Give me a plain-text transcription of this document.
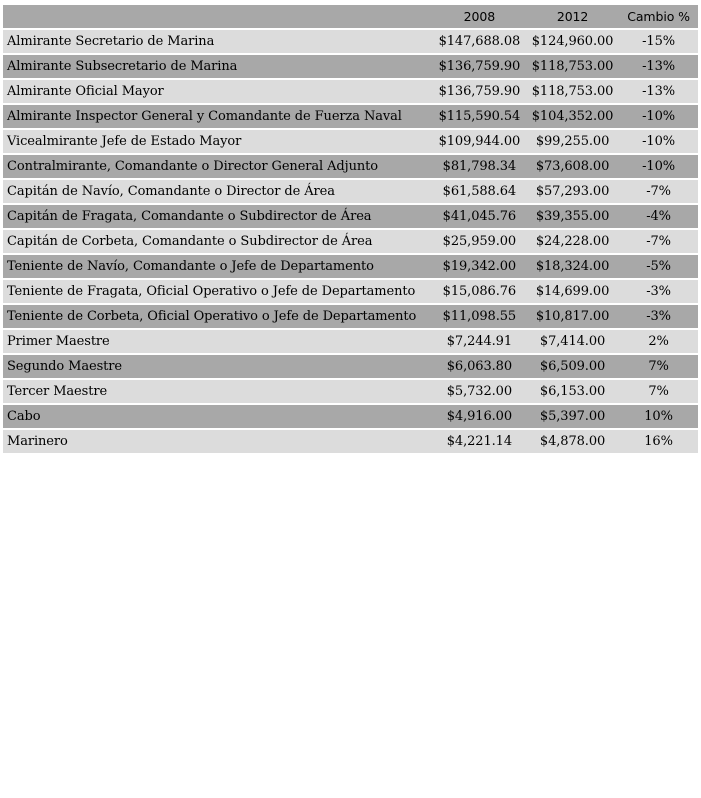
	2008	2012	Cambio %
Almirante Secretario de Marina	$147,688.08	$124,960.00	-15%
Almirante Subsecretario de Marina	$136,759.90	$118,753.00	-13%
Almirante Oficial Mayor	$136,759.90	$118,753.00	-13%
Almirante Inspector General y Comandante de Fuerza Naval	$115,590.54	$104,352.00	-10%
Vicealmirante Jefe de Estado Mayor	$109,944.00	$99,255.00	-10%
Contralmirante, Comandante o Director General Adjunto	$81,798.34	$73,608.00	-10%
Capitán de Navío, Comandante o Director de Área	$61,588.64	$57,293.00	-7%
Capitán de Fragata, Comandante o Subdirector de Área	$41,045.76	$39,355.00	-4%
Capitán de Corbeta, Comandante o Subdirector de Área	$25,959.00	$24,228.00	-7%
Teniente de Navío, Comandante o Jefe de Departamento	$19,342.00	$18,324.00	-5%
Teniente de Fragata, Oficial Operativo o Jefe de Departamento	$15,086.76	$14,699.00	-3%
Teniente de Corbeta, Oficial Operativo o Jefe de Departamento	$11,098.55	$10,817.00	-3%
Primer Maestre	$7,244.91	$7,414.00	2%
Segundo Maestre	$6,063.80	$6,509.00	7%
Tercer Maestre	$5,732.00	$6,153.00	7%
Cabo	$4,916.00	$5,397.00	10%
Marinero	$4,221.14	$4,878.00	16%
